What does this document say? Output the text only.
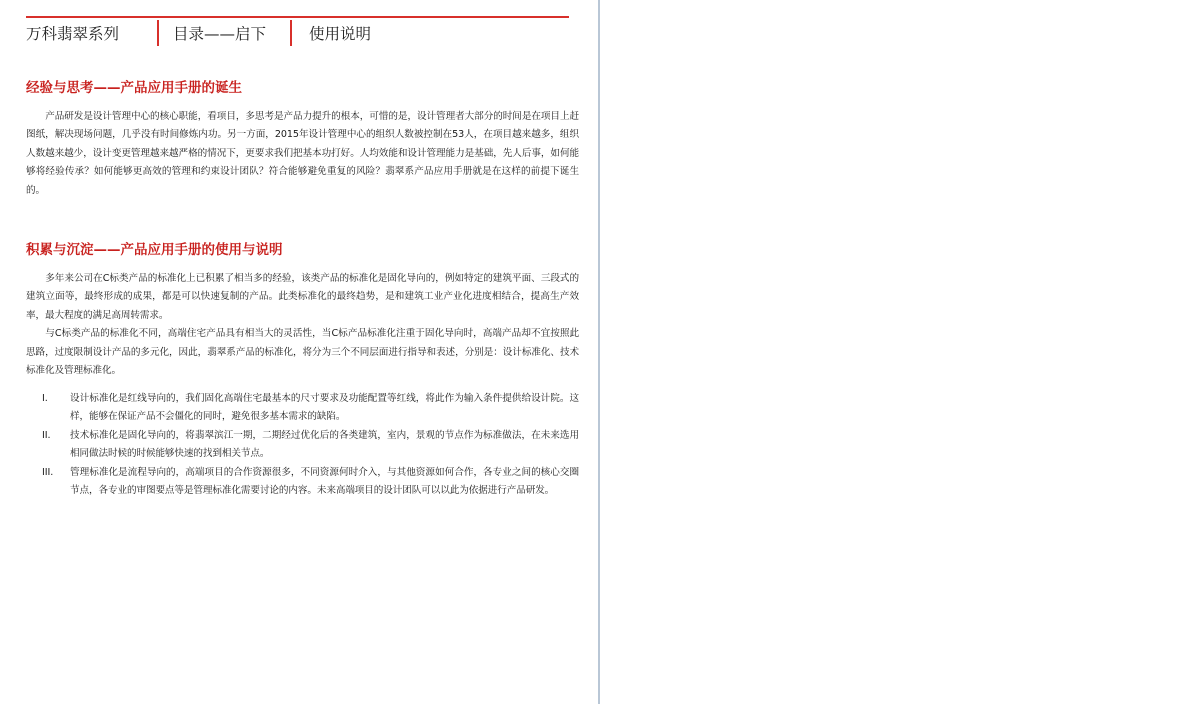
万科翡翠系列	目录——启下	使用说明
经验与思考——产品应用手册的诞生

产品研发是设计管理中心的核心职能，看项目，多思考是产品力提升的根本，可惜的是，设计管理者大部分的时间是在项目上赶图纸，解决现场问题，几乎没有时间修炼内功。另一方面，2015年设计管理中心的组织人数被控制在53人，在项目越来越多，组织人数越来越少，设计变更管理越来越严格的情况下，更要求我们把基本功打好。人均效能和设计管理能力是基础，先人后事，如何能够将经验传承？如何能够更高效的管理和约束设计团队？符合能够避免重复的风险？翡翠系产品应用手册就是在这样的前提下诞生的。

积累与沉淀——产品应用手册的使用与说明

多年来公司在C标类产品的标准化上已积累了相当多的经验，该类产品的标准化是固化导向的，例如特定的建筑平面、三段式的建筑立面等，最终形成的成果，都是可以快速复制的产品。此类标准化的最终趋势，是和建筑工业产业化进度相结合，提高生产效率，最大程度的满足高周转需求。

与C标类产品的标准化不同，高端住宅产品具有相当大的灵活性，当C标产品标准化注重于固化导向时，高端产品却不宜按照此思路，过度限制设计产品的多元化，因此，翡翠系产品的标准化，将分为三个不同层面进行指导和表述，分别是：设计标准化、技术标准化及管理标准化。

I.	设计标准化是红线导向的，我们固化高端住宅最基本的尺寸要求及功能配置等红线，将此作为输入条件提供给设计院。这样，能够在保证产品不会僵化的同时，避免很多基本需求的缺陷。
II.	技术标准化是固化导向的，将翡翠滨江一期，二期经过优化后的各类建筑，室内，景观的节点作为标准做法，在未来选用相同做法时候的时候能够快速的找到相关节点。
III.	管理标准化是流程导向的，高端项目的合作资源很多，不同资源何时介入，与其他资源如何合作，各专业之间的核心交圈节点，各专业的审图要点等是管理标准化需要讨论的内容。未来高端项目的设计团队可以以此为依据进行产品研发。
